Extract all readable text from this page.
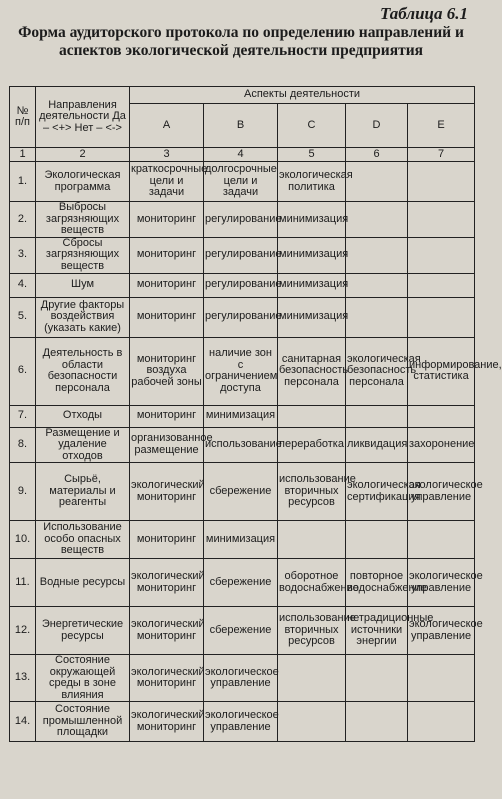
Таблица 6.1
Форма аудиторского протокола по определению направлений и аспектов экологической деятельности предприятия
№ п/п	Направления деятельности Да – <+> Нет – <->	Аспекты деятельности				
		A	B	C	D	E
1	2	3	4	5	6	7
1.	Экологическая программа	краткосрочные цели и задачи	долгосрочные цели и задачи	экологическая политика		
2.	Выбросы загрязняющих веществ	мониторинг	регулирование	минимизация		
3.	Сбросы загрязняющих веществ	мониторинг	регулирование	минимизация		
4.	Шум	мониторинг	регулирование	минимизация		
5.	Другие факторы воздействия (указать какие)	мониторинг	регулирование	минимизация		
6.	Деятельность в области безопасности персонала	мониторинг воздуха рабочей зоны	наличие зон с ограничением доступа	санитарная безопасность персонала	экологическая безопасность персонала	информирование, статистика
7.	Отходы	мониторинг	минимизация			
8.	Размещение и удаление отходов	организованное размещение	использование	переработка	ликвидация	захоронение
9.	Сырьё, материалы и реагенты	экологический мониторинг	сбережение	использование вторичных ресурсов	экологическая сертификация	экологическое управление
10.	Использование особо опасных веществ	мониторинг	минимизация			
11.	Водные ресурсы	экологический мониторинг	сбережение	оборотное водоснабжение	повторное водоснабжение	экологическое управление
12.	Энергетические ресурсы	экологический мониторинг	сбережение	использование вторичных ресурсов	нетрадиционные источники энергии	экологическое управление
13.	Состояние окружающей среды в зоне влияния	экологический мониторинг	экологическое управление			
14.	Состояние промышленной площадки	экологический мониторинг	экологическое управление			
